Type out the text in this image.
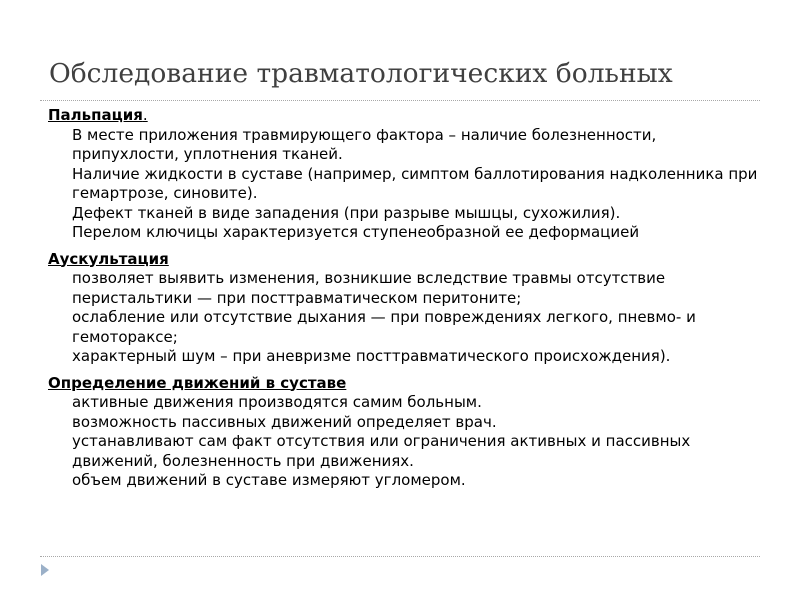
Обследование травматологических больных
Пальпация.
В месте приложения травмирующего фактора – наличие болезненности, припухлости, уплотнения тканей.
Наличие жидкости в суставе (например, симптом баллотирования надколенника при гемартрозе, синовите).
Дефект тканей в виде западения (при разрыве мышцы, сухожилия).
Перелом ключицы характеризуется ступенеобразной ее деформацией
Аускультация
позволяет выявить изменения, возникшие вследствие травмы отсутствие перистальтики — при посттравматическом перитоните;
ослабление или отсутствие дыхания — при повреждениях легкого, пневмо- и гемотораксе;
характерный шум – при аневризме посттравматического происхождения).
Определение движений в суставе
активные движения производятся самим больным.
возможность пассивных движений определяет врач.
устанавливают сам факт отсутствия или ограничения активных и пассивных движений, болезненность при движениях.
объем движений в суставе измеряют угломером.
